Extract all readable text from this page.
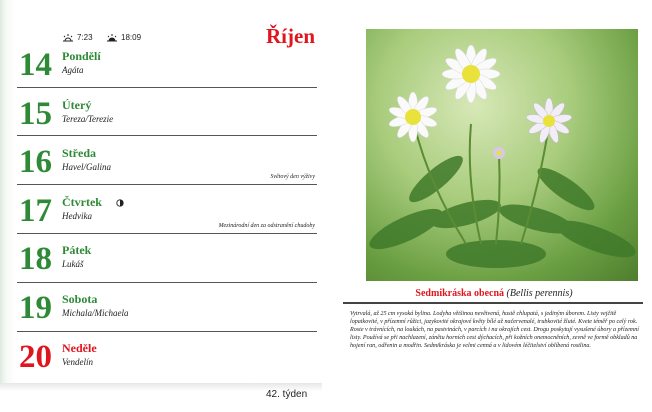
7:23	18:09	Říjen
14 Pondělí
Agáta
15 Úterý
Tereza/Terezie
16 Středa
Havel/Galina
Světový den výživy
17 Čtvrtek
Hedvika
Mezinárodní den za odstranění chudoby
18 Pátek
Lukáš
19 Sobota
Michala/Michaela
20 Neděle
Vendelín
42. týden
Sedmikráska obecná (Bellis perennis)
Vytrvalá, až 25 cm vysoká bylina. Lodyha většinou nevětvená, hustě chlupatá, s jediným úborem. Listy vejčitě lopatkovité, v přízemní růžici, jazykovité okrajové květy bílé až načervenalé, trubkovité žluté. Kvete téměř po celý rok. Roste v trávnících, na loukách, na pastvinách, v parcích i na okrajích cest. Drogu poskytují vysušené úbory a přízemní listy. Používá se při nachlazení, zánětu horních cest dýchacích, při kožních onemocněních, zevně ve formě obkladů na hojení ran, odřenin a modřin. Sedmikráska je velmi cenná a v lidovém léčitelství oblíbená rostlina.
